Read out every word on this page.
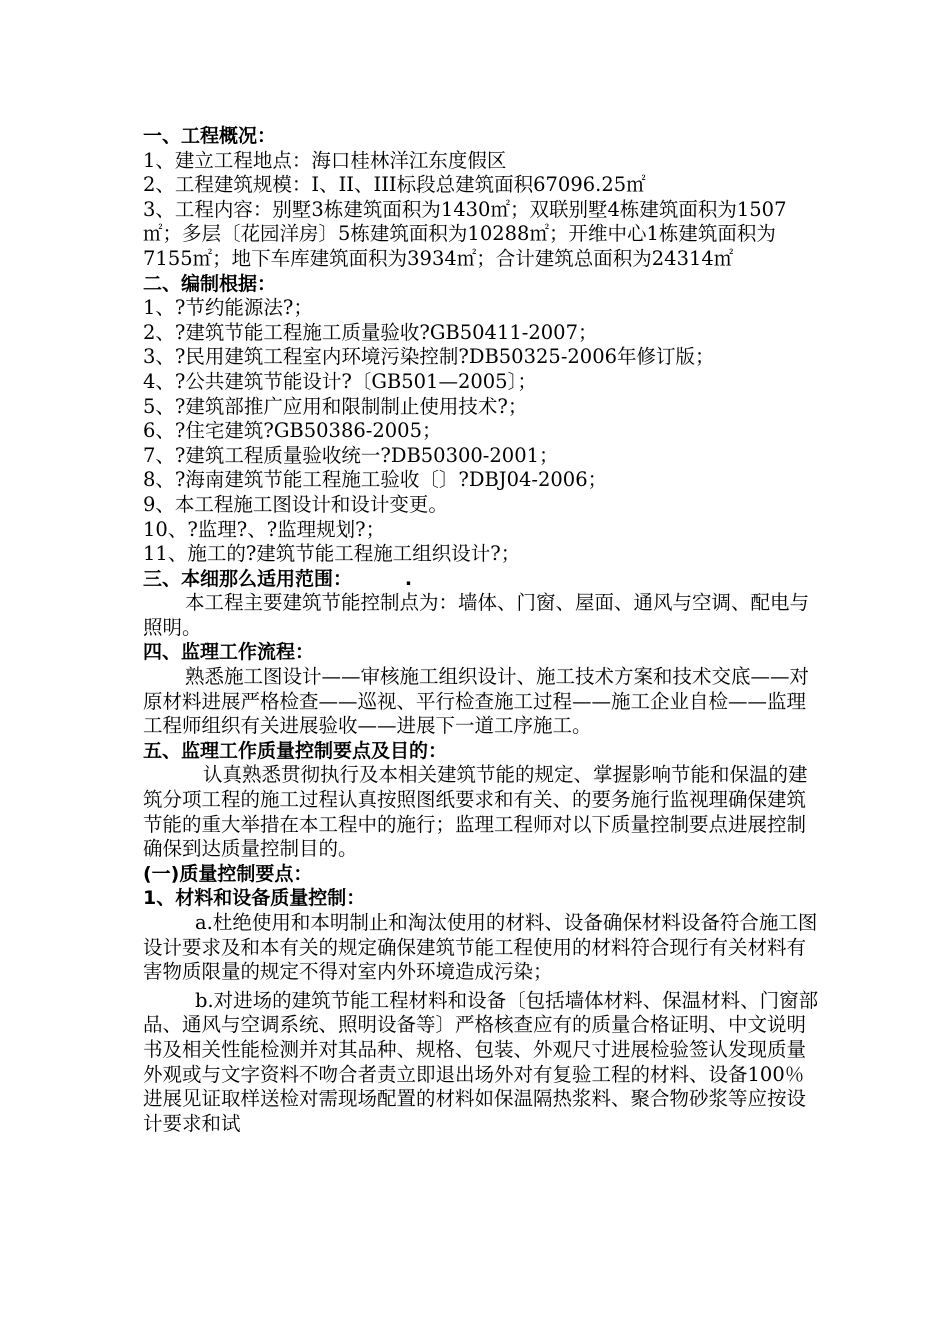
一、工程概况：

1、建立工程地点：海口桂林洋江东度假区

2、工程建筑规模：I、II、III标段总建筑面积67096.25㎡

3、工程内容：别墅3栋建筑面积为1430㎡；双联别墅4栋建筑面积为1507㎡；多层〔花园洋房〕5栋建筑面积为10288㎡；开维中心1栋建筑面积为7155㎡；地下车库建筑面积为3934㎡；合计建筑总面积为24314㎡

二、编制根据：

1、?节约能源法?；

2、?建筑节能工程施工质量验收?GB50411-2007；

3、?民用建筑工程室内环境污染控制?DB50325-2006年修订版；

4、?公共建筑节能设计?〔GB501—2005〕；

5、?建筑部推广应用和限制制止使用技术?；

6、?住宅建筑?GB50386-2005；

7、?建筑工程质量验收统一?DB50300-2001；

8、?海南建筑节能工程施工验收〔〕?DBJ04-2006；

9、本工程施工图设计和设计变更。

10、?监理?、?监理规划?；

11、施工的?建筑节能工程施工组织设计?；

三、本细那么适用范围：        .

本工程主要建筑节能控制点为：墙体、门窗、屋面、通风与空调、配电与照明。

四、监理工作流程：

熟悉施工图设计——审核施工组织设计、施工技术方案和技术交底——对原材料进展严格检查——巡视、平行检查施工过程——施工企业自检——监理工程师组织有关进展验收——进展下一道工序施工。

五、监理工作质量控制要点及目的：

认真熟悉贯彻执行及本相关建筑节能的规定、掌握影响节能和保温的建筑分项工程的施工过程认真按照图纸要求和有关、的要务施行监视理确保建筑节能的重大举措在本工程中的施行；监理工程师对以下质量控制要点进展控制确保到达质量控制目的。

(一)质量控制要点：

1、材料和设备质量控制：

a.杜绝使用和本明制止和淘汰使用的材料、设备确保材料设备符合施工图设计要求及和本有关的规定确保建筑节能工程使用的材料符合现行有关材料有害物质限量的规定不得对室内外环境造成污染；

b.对进场的建筑节能工程材料和设备〔包括墙体材料、保温材料、门窗部品、通风与空调系统、照明设备等〕严格核查应有的质量合格证明、中文说明书及相关性能检测并对其品种、规格、包装、外观尺寸进展检验签认发现质量外观或与文字资料不吻合者责立即退出场外对有复验工程的材料、设备100％进展见证取样送检对需现场配置的材料如保温隔热浆料、聚合物砂浆等应按设计要求和试
